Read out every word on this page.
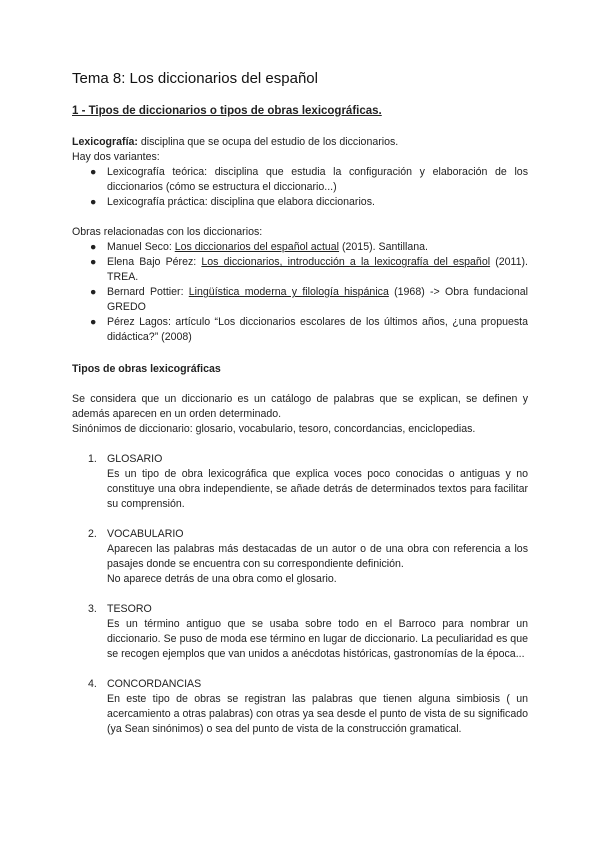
Tema 8: Los diccionarios del español
1 - Tipos de diccionarios o tipos de obras lexicográficas.

Lexicografía: disciplina que se ocupa del estudio de los diccionarios.

Hay dos variantes:

● Lexicografía teórica: disciplina que estudia la configuración y elaboración de los diccionarios (cómo se estructura el diccionario...)
● Lexicografía práctica: disciplina que elabora diccionarios.

Obras relacionadas con los diccionarios:

● Manuel Seco: Los diccionarios del español actual (2015). Santillana.
● Elena Bajo Pérez: Los diccionarios, introducción a la lexicografía del español (2011). TREA.
● Bernard Pottier: Lingüística moderna y filología hispánica (1968) -> Obra fundacional GREDO
● Pérez Lagos: artículo “Los diccionarios escolares de los últimos años, ¿una propuesta didáctica?” (2008)

Tipos de obras lexicográficas

Se considera que un diccionario es un catálogo de palabras que se explican, se definen y además aparecen en un orden determinado.

Sinónimos de diccionario: glosario, vocabulario, tesoro, concordancias, enciclopedias.

1. GLOSARIO
Es un tipo de obra lexicográfica que explica voces poco conocidas o antiguas y no constituye una obra independiente, se añade detrás de determinados textos para facilitar su comprensión.
2. VOCABULARIO
Aparecen las palabras más destacadas de un autor o de una obra con referencia a los pasajes donde se encuentra con su correspondiente definición.
No aparece detrás de una obra como el glosario.
3. TESORO
Es un término antiguo que se usaba sobre todo en el Barroco para nombrar un diccionario. Se puso de moda ese término en lugar de diccionario. La peculiaridad es que se recogen ejemplos que van unidos a anécdotas históricas, gastronomías de la época...
4. CONCORDANCIAS
En este tipo de obras se registran las palabras que tienen alguna simbiosis ( un acercamiento a otras palabras) con otras ya sea desde el punto de vista de su significado (ya Sean sinónimos) o sea del punto de vista de la construcción gramatical.
